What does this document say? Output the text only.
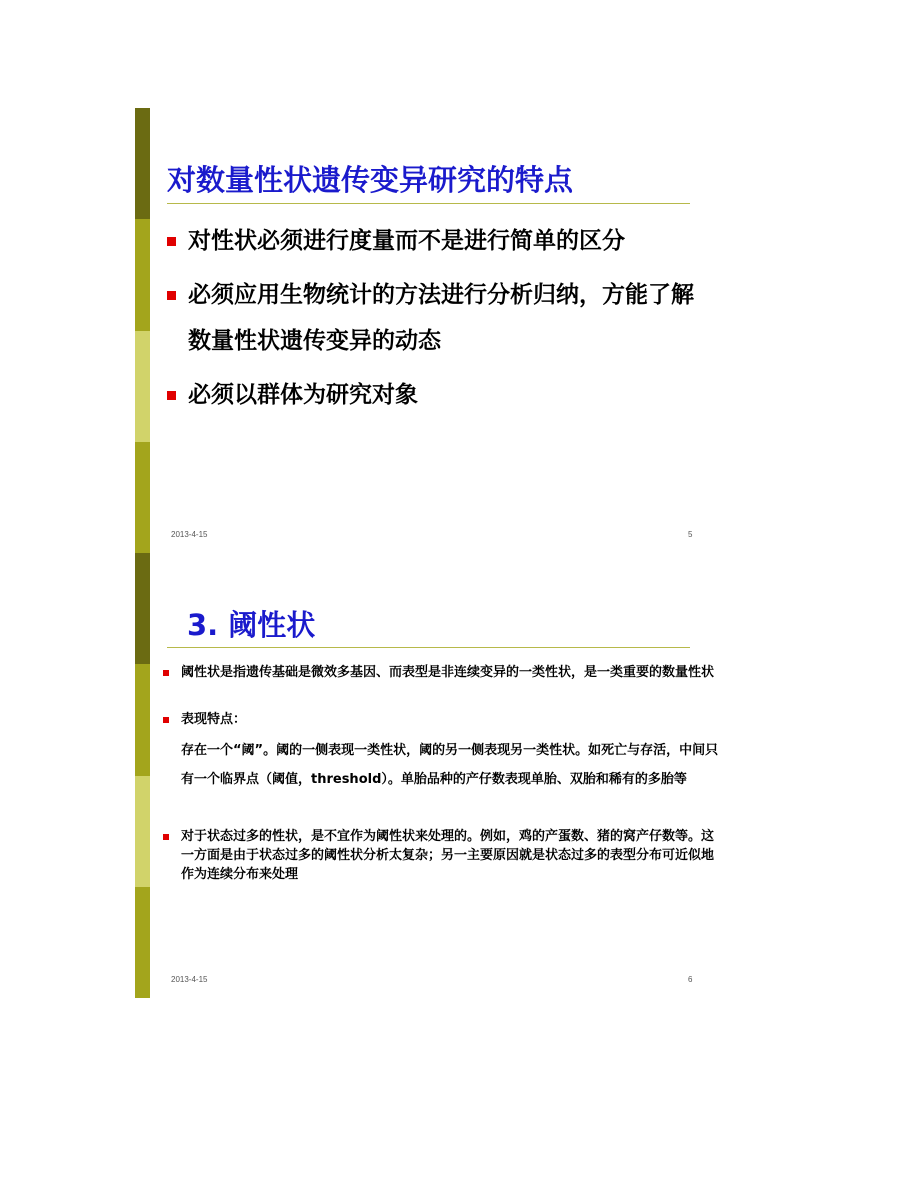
对数量性状遗传变异研究的特点
对性状必须进行度量而不是进行简单的区分
必须应用生物统计的方法进行分析归纳，方能了解数量性状遗传变异的动态
必须以群体为研究对象
2013-4-15	5
3. 阈性状
阈性状是指遗传基础是微效多基因、而表型是非连续变异的一类性状，是一类重要的数量性状
表现特点：
存在一个“阈”。阈的一侧表现一类性状，阈的另一侧表现另一类性状。如死亡与存活，中间只有一个临界点（阈值，threshold）。单胎品种的产仔数表现单胎、双胎和稀有的多胎等
对于状态过多的性状，是不宜作为阈性状来处理的。例如，鸡的产蛋数、猪的窝产仔数等。这一方面是由于状态过多的阈性状分析太复杂；另一主要原因就是状态过多的表型分布可近似地作为连续分布来处理
2013-4-15	6
